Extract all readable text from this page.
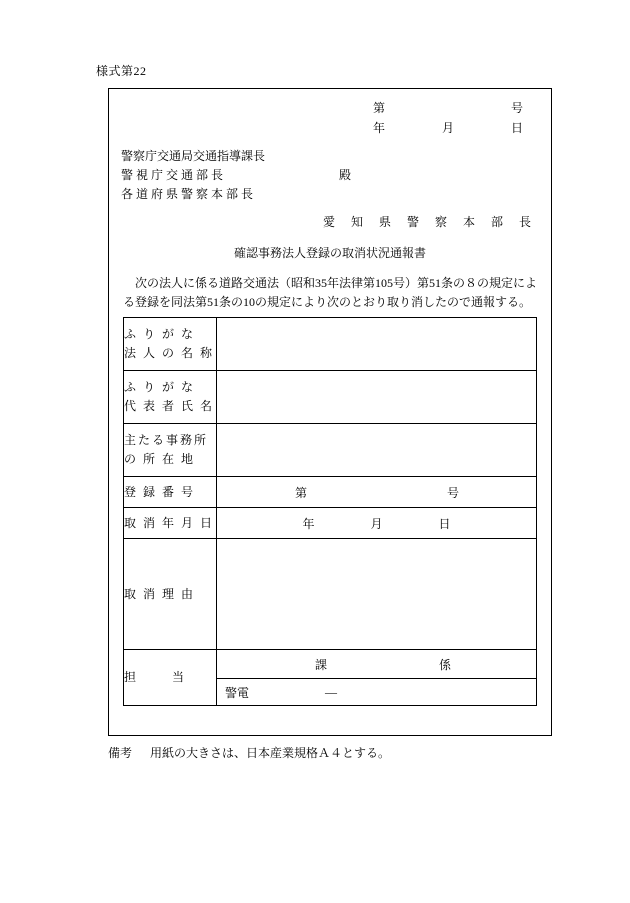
様式第22
第	号
年	月	日
警察庁交通局交通指導課長
警 視 庁 交 通 部 長	殿
各 道 府 県 警 察 本 部 長
愛　知　県　警　察　本　部　長
確認事務法人登録の取消状況通報書
次の法人に係る道路交通法（昭和35年法律第105号）第51条の８の規定による登録を同法第51条の10の規定により次のとおり取り消したので通報する。
ふ り が な
法 人 の 名 称	

ふ り が な
代 表 者 氏 名	

主たる事務所
の 所 在 地	

登 録 番 号	第 号

取 消 年 月 日	年 月 日

取 消 理 由	

担　　　当	課 係
警電 —
備考 用紙の大きさは、日本産業規格Ａ４とする。
